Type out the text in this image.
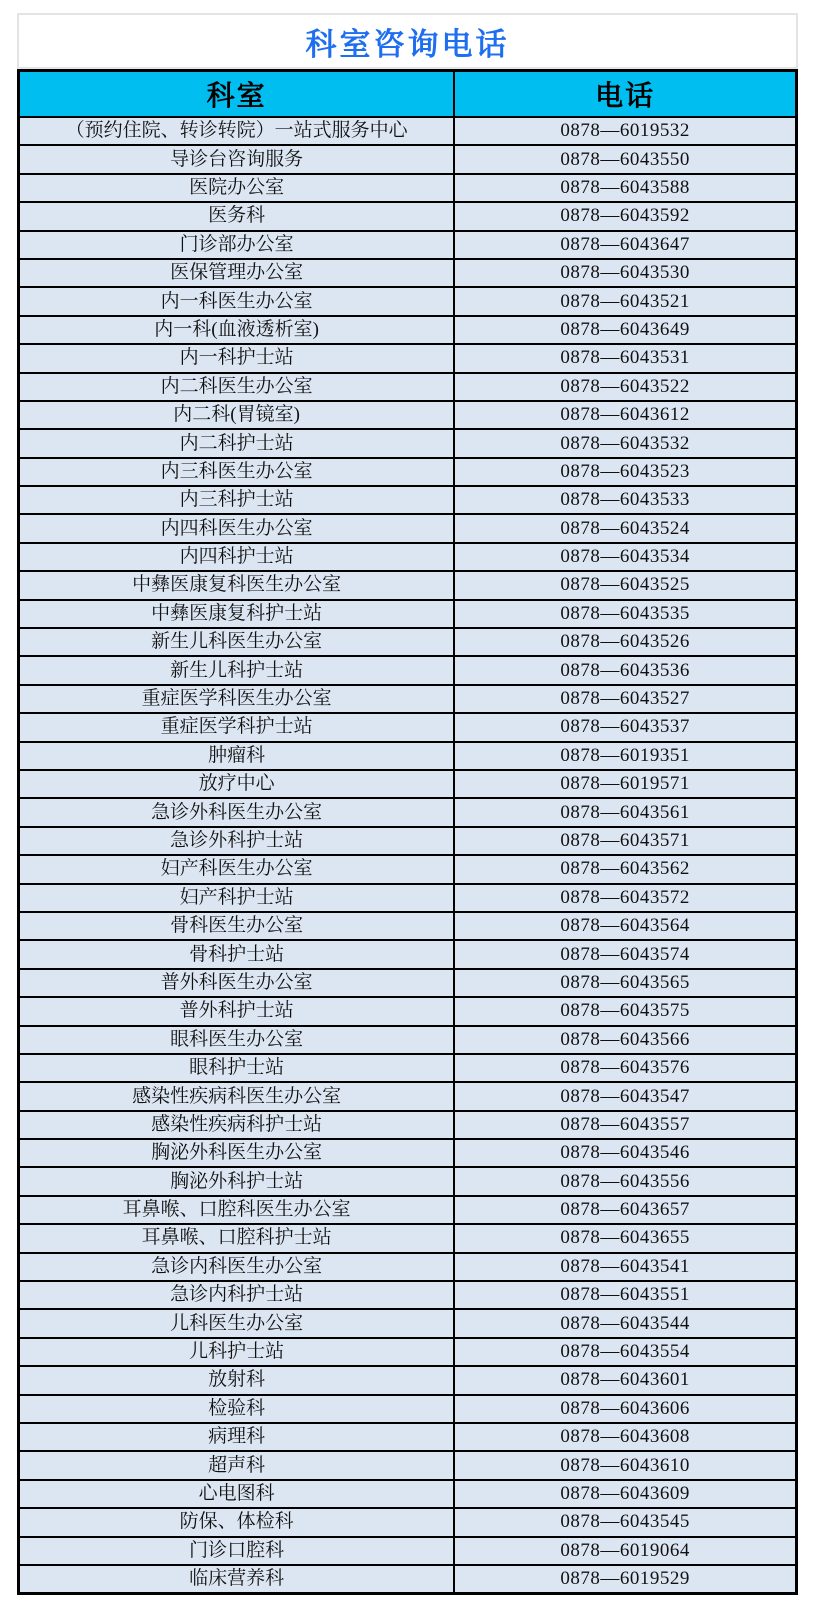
科室咨询电话
科室	电话
（预约住院、转诊转院）一站式服务中心	0878—6019532
导诊台咨询服务	0878—6043550
医院办公室	0878—6043588
医务科	0878—6043592
门诊部办公室	0878—6043647
医保管理办公室	0878—6043530
内一科医生办公室	0878—6043521
内一科(血液透析室)	0878—6043649
内一科护士站	0878—6043531
内二科医生办公室	0878—6043522
内二科(胃镜室)	0878—6043612
内二科护士站	0878—6043532
内三科医生办公室	0878—6043523
内三科护士站	0878—6043533
内四科医生办公室	0878—6043524
内四科护士站	0878—6043534
中彝医康复科医生办公室	0878—6043525
中彝医康复科护士站	0878—6043535
新生儿科医生办公室	0878—6043526
新生儿科护士站	0878—6043536
重症医学科医生办公室	0878—6043527
重症医学科护士站	0878—6043537
肿瘤科	0878—6019351
放疗中心	0878—6019571
急诊外科医生办公室	0878—6043561
急诊外科护士站	0878—6043571
妇产科医生办公室	0878—6043562
妇产科护士站	0878—6043572
骨科医生办公室	0878—6043564
骨科护士站	0878—6043574
普外科医生办公室	0878—6043565
普外科护士站	0878—6043575
眼科医生办公室	0878—6043566
眼科护士站	0878—6043576
感染性疾病科医生办公室	0878—6043547
感染性疾病科护士站	0878—6043557
胸泌外科医生办公室	0878—6043546
胸泌外科护士站	0878—6043556
耳鼻喉、口腔科医生办公室	0878—6043657
耳鼻喉、口腔科护士站	0878—6043655
急诊内科医生办公室	0878—6043541
急诊内科护士站	0878—6043551
儿科医生办公室	0878—6043544
儿科护士站	0878—6043554
放射科	0878—6043601
检验科	0878—6043606
病理科	0878—6043608
超声科	0878—6043610
心电图科	0878—6043609
防保、体检科	0878—6043545
门诊口腔科	0878—6019064
临床营养科	0878—6019529
